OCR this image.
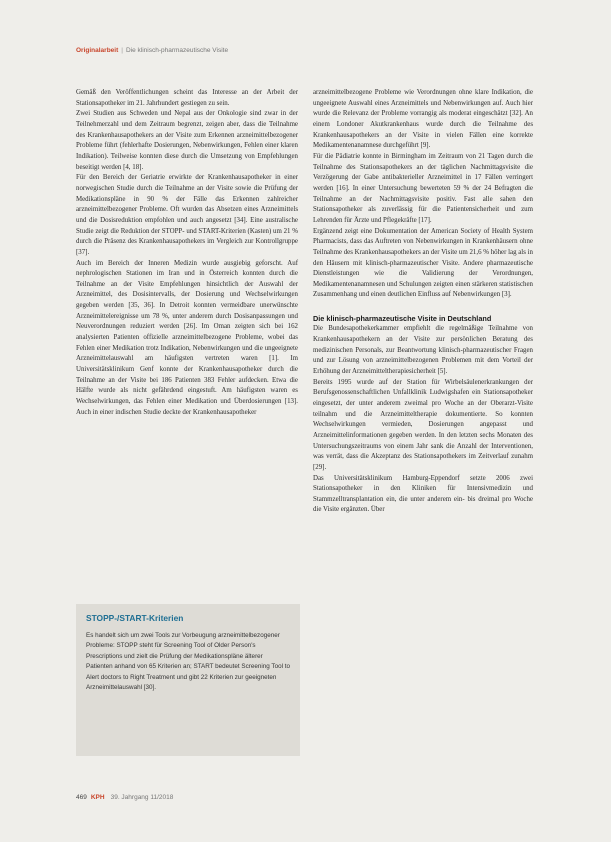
Originalarbeit | Die klinisch-pharmazeutische Visite

Gemäß den Veröffentlichungen scheint das Interesse an der Arbeit der Stationsapotheker im 21. Jahrhundert gestiegen zu sein.

Zwei Studien aus Schweden und Nepal aus der Onkologie sind zwar in der Teilnehmerzahl und dem Zeitraum begrenzt, zeigen aber, dass die Teilnahme des Krankenhausapothekers an der Visite zum Erkennen arzneimittelbezogener Probleme führt (fehlerhafte Dosierungen, Nebenwirkungen, Fehlen einer klaren Indikation). Teilweise konnten diese durch die Umsetzung von Empfehlungen beseitigt werden [4, 18].

Für den Bereich der Geriatrie erwirkte der Krankenhausapotheker in einer norwegischen Studie durch die Teilnahme an der Visite sowie die Prüfung der Medikationspläne in 90 % der Fälle das Erkennen zahlreicher arzneimittelbezogener Probleme. Oft wurden das Absetzen eines Arzneimittels und die Dosisreduktion empfohlen und auch angesetzt [34]. Eine australische Studie zeigt die Reduktion der STOPP- und START-Kriterien (Kasten) um 21 % durch die Präsenz des Krankenhausapothekers im Vergleich zur Kontrollgruppe [37].

Auch im Bereich der Inneren Medizin wurde ausgiebig geforscht. Auf nephrologischen Stationen im Iran und in Österreich konnten durch die Teilnahme an der Visite Empfehlungen hinsichtlich der Auswahl der Arzneimittel, des Dosisintervalls, der Dosierung und Wechselwirkungen gegeben werden [35, 36]. In Detroit konnten vermeidbare unerwünschte Arzneimittelereignisse um 78 %, unter anderem durch Dosisanpassungen und Neuverordnungen reduziert werden [26]. Im Oman zeigten sich bei 162 analysierten Patienten offizielle arzneimittelbezogene Probleme, wobei das Fehlen einer Medikation trotz Indikation, Nebenwirkungen und die ungeeignete Arzneimittelauswahl am häufigsten vertreten waren [1]. Im Universitätsklinikum Genf konnte der Krankenhausapotheker durch die Teilnahme an der Visite bei 186 Patienten 383 Fehler aufdecken. Etwa die Hälfte wurde als nicht gefährdend eingestuft. Am häufigsten waren es Wechselwirkungen, das Fehlen einer Medikation und Überdosierungen [13]. Auch in einer indischen Studie deckte der Krankenhausapotheker

arzneimittelbezogene Probleme wie Verordnungen ohne klare Indikation, die ungeeignete Auswahl eines Arzneimittels und Nebenwirkungen auf. Auch hier wurde die Relevanz der Probleme vorrangig als moderat eingeschätzt [32]. An einem Londoner Akutkrankenhaus wurde durch die Teilnahme des Krankenhausapothekers an der Visite in vielen Fällen eine korrekte Medikamentenanamnese durchgeführt [9].

Für die Pädiatrie konnte in Birmingham im Zeitraum von 21 Tagen durch die Teilnahme des Stationsapothekers an der täglichen Nachmittagsvisite die Verzögerung der Gabe antibakterieller Arzneimittel in 17 Fällen verringert werden [16]. In einer Untersuchung bewerteten 59 % der 24 Befragten die Teilnahme an der Nachmittagsvisite positiv. Fast alle sahen den Stationsapotheker als zuverlässig für die Patientensicherheit und zum Lehrenden für Ärzte und Pflegekräfte [17].

Ergänzend zeigt eine Dokumentation der American Society of Health System Pharmacists, dass das Auftreten von Nebenwirkungen in Krankenhäusern ohne Teilnahme des Krankenhausapothekers an der Visite um 21,6 % höher lag als in den Häusern mit klinisch-pharmazeutischer Visite. Andere pharmazeutische Dienstleistungen wie die Validierung der Verordnungen, Medikamentenanamnesen und Schulungen zeigten einen stärkeren statistischen Zusammenhang und einen deutlichen Einfluss auf Nebenwirkungen [3].

Die klinisch-pharmazeutische Visite in Deutschland

Die Bundesapothekerkammer empfiehlt die regelmäßige Teilnahme von Krankenhausapothekern an der Visite zur persönlichen Beratung des medizinischen Personals, zur Beantwortung klinisch-pharmazeutischer Fragen und zur Lösung von arzneimittelbezogenen Problemen mit dem Vorteil der Erhöhung der Arzneimitteltherapiesicherheit [5].

Bereits 1995 wurde auf der Station für Wirbelsäulenerkrankungen der Berufsgenossenschaftlichen Unfallklinik Ludwigshafen ein Stationsapotheker eingesetzt, der unter anderem zweimal pro Woche an der Oberarzt-Visite teilnahm und die Arzneimitteltherapie dokumentierte. So konnten Wechselwirkungen vermieden, Dosierungen angepasst und Arzneimittelinformationen gegeben werden. In den letzten sechs Monaten des Untersuchungszeitraums von einem Jahr sank die Anzahl der Interventionen, was verrät, dass die Akzeptanz des Stationsapothekers im Zeitverlauf zunahm [29].

Das Universitätsklinikum Hamburg-Eppendorf setzte 2006 zwei Stationsapotheker in den Kliniken für Intensivmedizin und Stammzelltransplantation ein, die unter anderem ein- bis dreimal pro Woche die Visite ergänzten. Über

STOPP-/START-Kriterien
Es handelt sich um zwei Tools zur Vorbeugung arzneimittelbezogener Probleme: STOPP steht für Screening Tool of Older Person's Prescriptions und zielt die Prüfung der Medikationspläne älterer Patienten anhand von 65 Kriterien an; START bedeutet Screening Tool to Alert doctors to Right Treatment und gibt 22 Kriterien zur geeigneten Arzneimittelauswahl [30].
469 KPH 39. Jahrgang 11/2018
